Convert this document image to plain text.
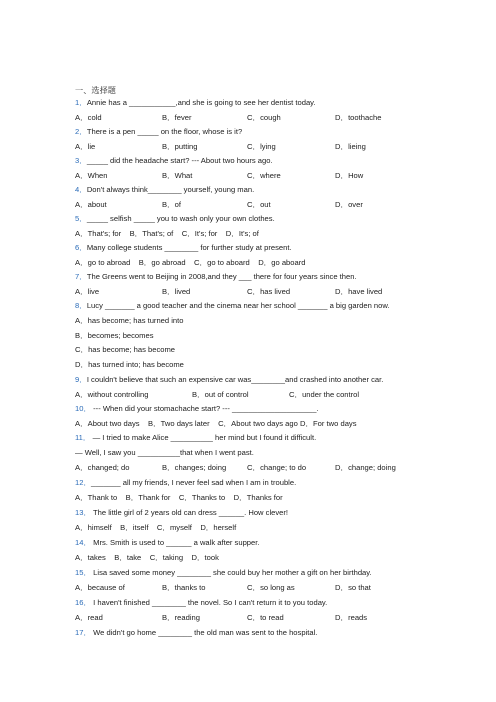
一、选择题
1．Annie has a ___________,and she is going to see her dentist today.
A．cold	B．fever	C．cough	D．toothache
2．There is a pen _____ on the floor, whose is it?
A．lie	B．putting	C．lying	D．lieing
3．_____ did the headache start? --- About two hours ago.
A．When	B．What	C．where	D．How
4．Don't always think________ yourself, young man.
A．about	B．of	C．out	D．over
5．_____ selfish _____ you to wash only your own clothes.
A．That's; for    B．That's; of    C．It's; for    D．It's; of
6．Many college students ________ for further study at present.
A．go to abroad    B．go abroad    C．go to aboard    D．go aboard
7．The Greens went to Beijing in 2008,and they ___ there for four years since then.
A．live	B．lived	C．has lived	D．have lived
8．Lucy _______ a good teacher and the cinema near her school _______ a big garden now.
A．has become; has turned into
B．becomes; becomes
C．has become; has become
D．has turned into; has become
9．I couldn't believe that such an expensive car was________and crashed into another car.
A．without controlling	B．out of control	C．under the control
10． --- When did your stomachache start? --- ____________________.
A．About two days    B．Two days later    C．About two days ago D．For two days
11． — I tried to make Alice __________ her mind but I found it difficult.
— Well, I saw you __________that when I went past.
A．changed; do	B．changes; doing	C．change; to do	D．change; doing
12．_______ all my friends, I never feel sad when I am in trouble.
A．Thank to    B．Thank for    C．Thanks to    D．Thanks for
13． The little girl of 2 years old can dress ______. How clever!
A．himself    B．itself    C．myself    D．herself
14． Mrs. Smith is used to ______ a walk after supper.
A．takes    B．take    C．taking    D．took
15． Lisa saved some money ________ she could buy her mother a gift on her birthday.
A．because of	B．thanks to	C．so long as	D．so that
16． I haven't finished ________ the novel. So I can't return it to you today.
A．read	B．reading	C．to read	D．reads
17． We didn't go home ________ the old man was sent to the hospital.
